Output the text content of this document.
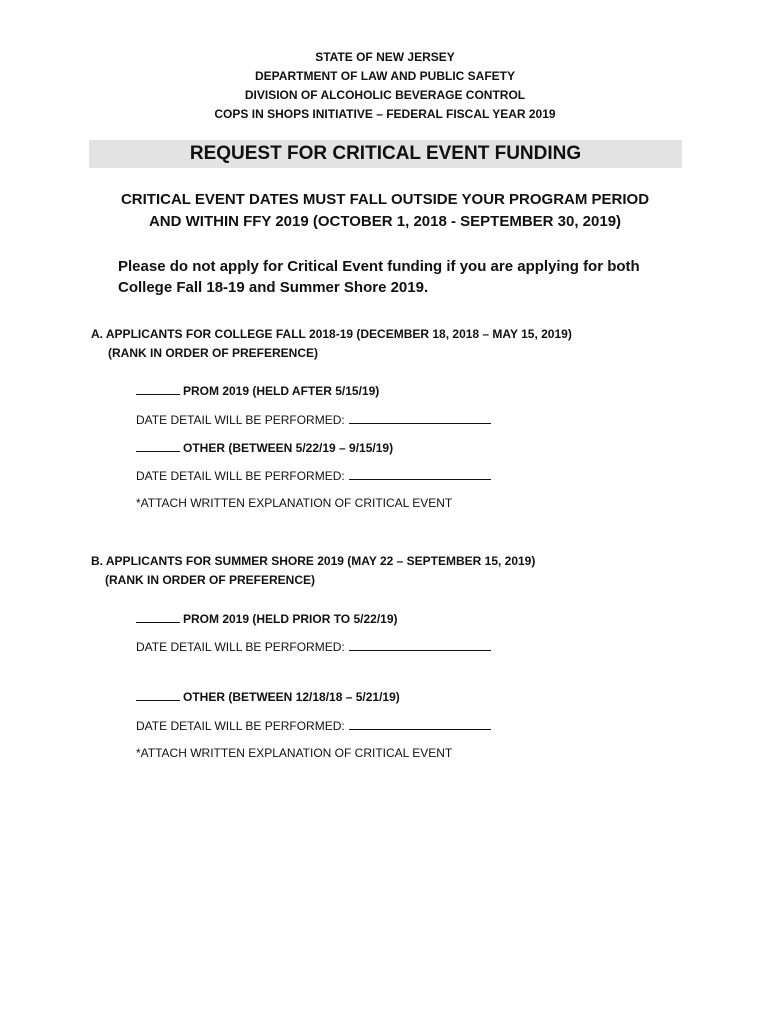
STATE OF NEW JERSEY
DEPARTMENT OF LAW AND PUBLIC SAFETY
DIVISION OF ALCOHOLIC BEVERAGE CONTROL
COPS IN SHOPS INITIATIVE – FEDERAL FISCAL YEAR 2019
REQUEST FOR CRITICAL EVENT FUNDING
CRITICAL EVENT DATES MUST FALL OUTSIDE YOUR PROGRAM PERIOD
AND WITHIN FFY 2019 (OCTOBER 1, 2018 - SEPTEMBER 30, 2019)
Please do not apply for Critical Event funding if you are applying for both
College Fall 18-19 and Summer Shore 2019.
A. APPLICANTS FOR COLLEGE FALL 2018-19 (DECEMBER 18, 2018 – MAY 15, 2019)
(RANK IN ORDER OF PREFERENCE)
PROM 2019 (HELD AFTER 5/15/19)
DATE DETAIL WILL BE PERFORMED:
OTHER (BETWEEN 5/22/19 – 9/15/19)
DATE DETAIL WILL BE PERFORMED:
*ATTACH WRITTEN EXPLANATION OF CRITICAL EVENT
B. APPLICANTS FOR SUMMER SHORE 2019 (MAY 22 – SEPTEMBER 15, 2019)
(RANK IN ORDER OF PREFERENCE)
PROM 2019 (HELD PRIOR TO 5/22/19)
DATE DETAIL WILL BE PERFORMED:
OTHER (BETWEEN 12/18/18 – 5/21/19)
DATE DETAIL WILL BE PERFORMED:
*ATTACH WRITTEN EXPLANATION OF CRITICAL EVENT
